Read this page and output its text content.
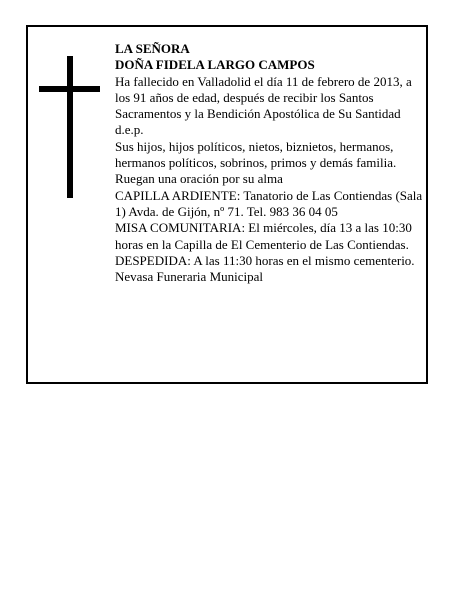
LA SEÑORA

DOÑA FIDELA LARGO CAMPOS

Ha fallecido en Valladolid el día 11 de febrero de 2013, a los 91 años de edad, después de recibir los Santos Sacramentos y la Bendición Apostólica de Su Santidad d.e.p.

Sus hijos, hijos políticos, nietos, biznietos, hermanos, hermanos políticos, sobrinos, primos y demás familia.

Ruegan una oración por su alma

CAPILLA ARDIENTE: Tanatorio de Las Contiendas (Sala 1) Avda. de Gijón, nº 71. Tel. 983 36 04 05

MISA COMUNITARIA: El miércoles, día 13 a las 10:30 horas en la Capilla de El Cementerio de Las Contiendas.

DESPEDIDA: A las 11:30 horas en el mismo cementerio.

Nevasa Funeraria Municipal
